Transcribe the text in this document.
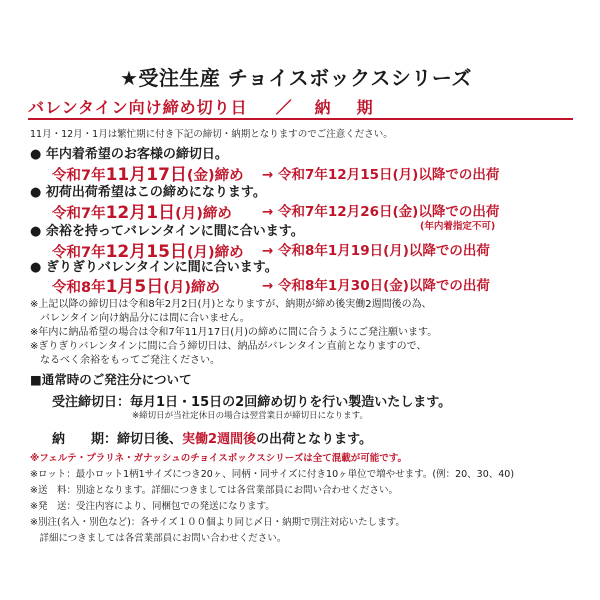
★受注生産 チョイスボックスシリーズ
バレンタイン向け締め切り日 ／ 納期
11月・12月・1月は繁忙期に付き下記の締切・納期となりますのでご注意ください。
● 年内着希望のお客様の締切日。
令和7年11月17日(金)締め → 令和7年12月15日(月)以降での出荷
● 初荷出荷希望はこの締めになります。
令和7年12月1日(月)締め → 令和7年12月26日(金)以降での出荷
(年内着指定不可)
● 余裕を持ってバレンタインに間に合います。
令和7年12月15日(月)締め → 令和8年1月19日(月)以降での出荷
● ぎりぎりバレンタインに間に合います。
令和8年1月5日(月)締め	→ 令和8年1月30日(金)以降での出荷
※上記以降の締切日は令和8年2月2日(月)となりますが、納期が締め後実働2週間後の為、
　バレンタイン向け納品分には間に合いません。
※年内に納品希望の場合は令和7年11月17日(月)の締めに間に合うようにご発注願います。
※ぎりぎりバレンタインに間に合う締切日は、納品がバレンタイン直前となりますので、
　なるべく余裕をもってご発注ください。
■通常時のご発注分について
受注締切日：毎月1日・15日の2回締め切りを行い製造いたします。
※締切日が当社定休日の場合は翌営業日が締切日になります。
納　　期：締切日後、実働2週間後の出荷となります。
※フェルテ・プラリネ・ガナッシュのチョイスボックスシリーズは全て混載が可能です。
※ロット：最小ロット1柄1サイズにつき20ヶ、同柄・同サイズに付き10ヶ単位で増やせます。(例：20、30、40)
※送　料：別途となります。詳細につきましては各営業部員にお問い合わせください。
※発　送：受注内容により、同梱包での発送になります。
※別注(名入・別色など)：各サイズ１００個より同じ〆日・納期で別注対応いたします。
　詳細につきましては各営業部員にお問い合わせください。
